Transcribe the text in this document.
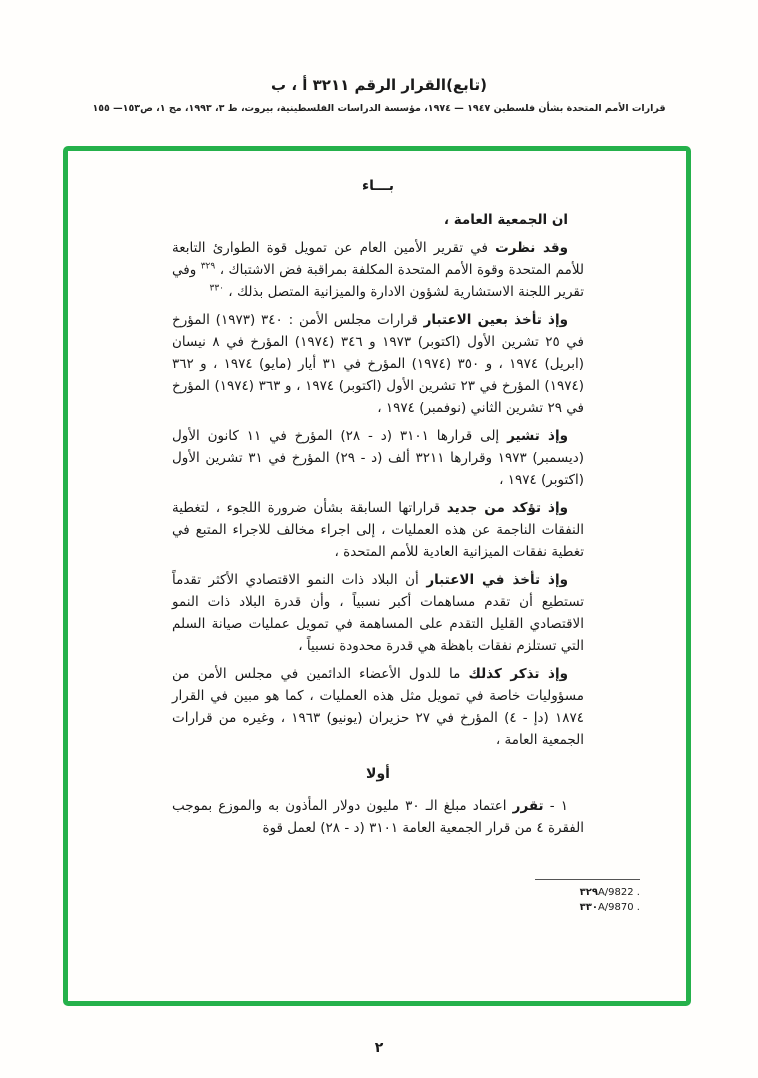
(تابع)القرار الرقم ٣٢١١ أ ، ب
قرارات الأمم المتحدة بشأن فلسطين ١٩٤٧ — ١٩٧٤، مؤسسة الدراسات الفلسطينية، بيروت، ط ٣، ١٩٩٣، مج ١، ص١٥٣— ١٥٥
بـــاء

ان الجمعية العامة ،

وقد نظرت في تقرير الأمين العام عن تمويل قوة الطوارئ التابعة للأمم المتحدة وقوة الأمم المتحدة المكلفة بمراقبة فض الاشتباك ، $^{٣٢٩}$ وفي تقرير اللجنة الاستشارية لشؤون الادارة والميزانية المتصل بذلك ، $^{٣٣٠}$

وإذ تأخذ بعين الاعتبار قرارات مجلس الأمن : ٣٤٠ (١٩٧٣) المؤرخ في ٢٥ تشرين الأول (اكتوبر) ١٩٧٣ و ٣٤٦ (١٩٧٤) المؤرخ في ٨ نيسان (ابريل) ١٩٧٤ ، و ٣٥٠ (١٩٧٤) المؤرخ في ٣١ أيار (مايو) ١٩٧٤ ، و ٣٦٢ (١٩٧٤) المؤرخ في ٢٣ تشرين الأول (اكتوبر) ١٩٧٤ ، و ٣٦٣ (١٩٧٤) المؤرخ في ٢٩ تشرين الثاني (نوفمبر) ١٩٧٤ ،

وإذ تشير إلى قرارها ٣١٠١ (د - ٢٨) المؤرخ في ١١ كانون الأول (ديسمبر) ١٩٧٣ وقرارها ٣٢١١ ألف (د - ٢٩) المؤرخ في ٣١ تشرين الأول (اكتوبر) ١٩٧٤ ،

وإذ تؤكد من جديد قراراتها السابقة بشأن ضرورة اللجوء ، لتغطية النفقات الناجمة عن هذه العمليات ، إلى اجراء مخالف للاجراء المتبع في تغطية نفقات الميزانية العادية للأمم المتحدة ،

وإذ تأخذ في الاعتبار أن البلاد ذات النمو الاقتصادي الأكثر تقدماً تستطيع أن تقدم مساهمات أكبر نسبياً ، وأن قدرة البلاد ذات النمو الاقتصادي القليل التقدم على المساهمة في تمويل عمليات صيانة السلم التي تستلزم نفقات باهظة هي قدرة محدودة نسبياً ،

وإذ تذكر كذلك ما للدول الأعضاء الدائمين في مجلس الأمن من مسؤوليات خاصة في تمويل مثل هذه العمليات ، كما هو مبين في القرار ١٨٧٤ (دإ - ٤) المؤرخ في ٢٧ حزيران (يونيو) ١٩٦٣ ، وغيره من قرارات الجمعية العامة ،

أولا

١ - تقرر اعتماد مبلغ الـ ٣٠ مليون دولار المأذون به والموزع بموجب الفقرة ٤ من قرار الجمعية العامة ٣١٠١ (د - ٢٨) لعمل قوة

٣٢٩A/9822 .
٣٣٠A/9870 .
٢
